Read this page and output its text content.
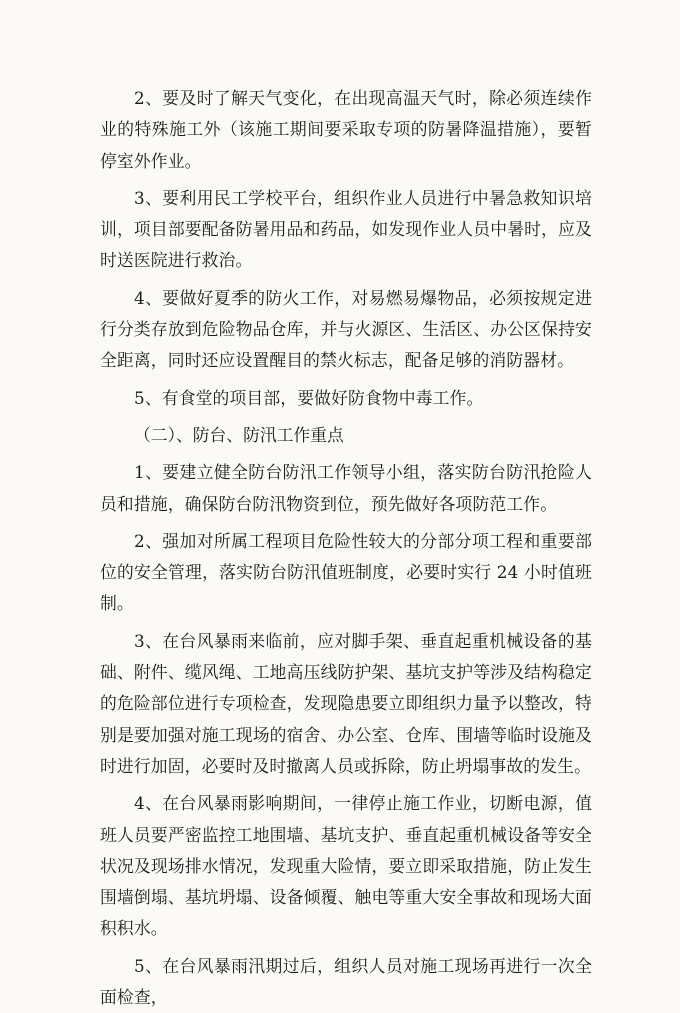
2、要及时了解天气变化，在出现高温天气时，除必须连续作业的特殊施工外（该施工期间要采取专项的防暑降温措施），要暂停室外作业。

3、要利用民工学校平台，组织作业人员进行中暑急救知识培训，项目部要配备防暑用品和药品，如发现作业人员中暑时，应及时送医院进行救治。

4、要做好夏季的防火工作，对易燃易爆物品，必须按规定进行分类存放到危险物品仓库，并与火源区、生活区、办公区保持安全距离，同时还应设置醒目的禁火标志，配备足够的消防器材。

5、有食堂的项目部，要做好防食物中毒工作。

（二）、防台、防汛工作重点

1、要建立健全防台防汛工作领导小组，落实防台防汛抢险人员和措施，确保防台防汛物资到位，预先做好各项防范工作。

2、强加对所属工程项目危险性较大的分部分项工程和重要部位的安全管理，落实防台防汛值班制度，必要时实行 24 小时值班制。

3、在台风暴雨来临前，应对脚手架、垂直起重机械设备的基础、附件、缆风绳、工地高压线防护架、基坑支护等涉及结构稳定的危险部位进行专项检查，发现隐患要立即组织力量予以整改，特别是要加强对施工现场的宿舍、办公室、仓库、围墙等临时设施及时进行加固，必要时及时撤离人员或拆除，防止坍塌事故的发生。

4、在台风暴雨影响期间，一律停止施工作业，切断电源，值班人员要严密监控工地围墙、基坑支护、垂直起重机械设备等安全状况及现场排水情况，发现重大险情，要立即采取措施，防止发生围墙倒塌、基坑坍塌、设备倾覆、触电等重大安全事故和现场大面积积水。

5、在台风暴雨汛期过后，组织人员对施工现场再进行一次全面检查，
